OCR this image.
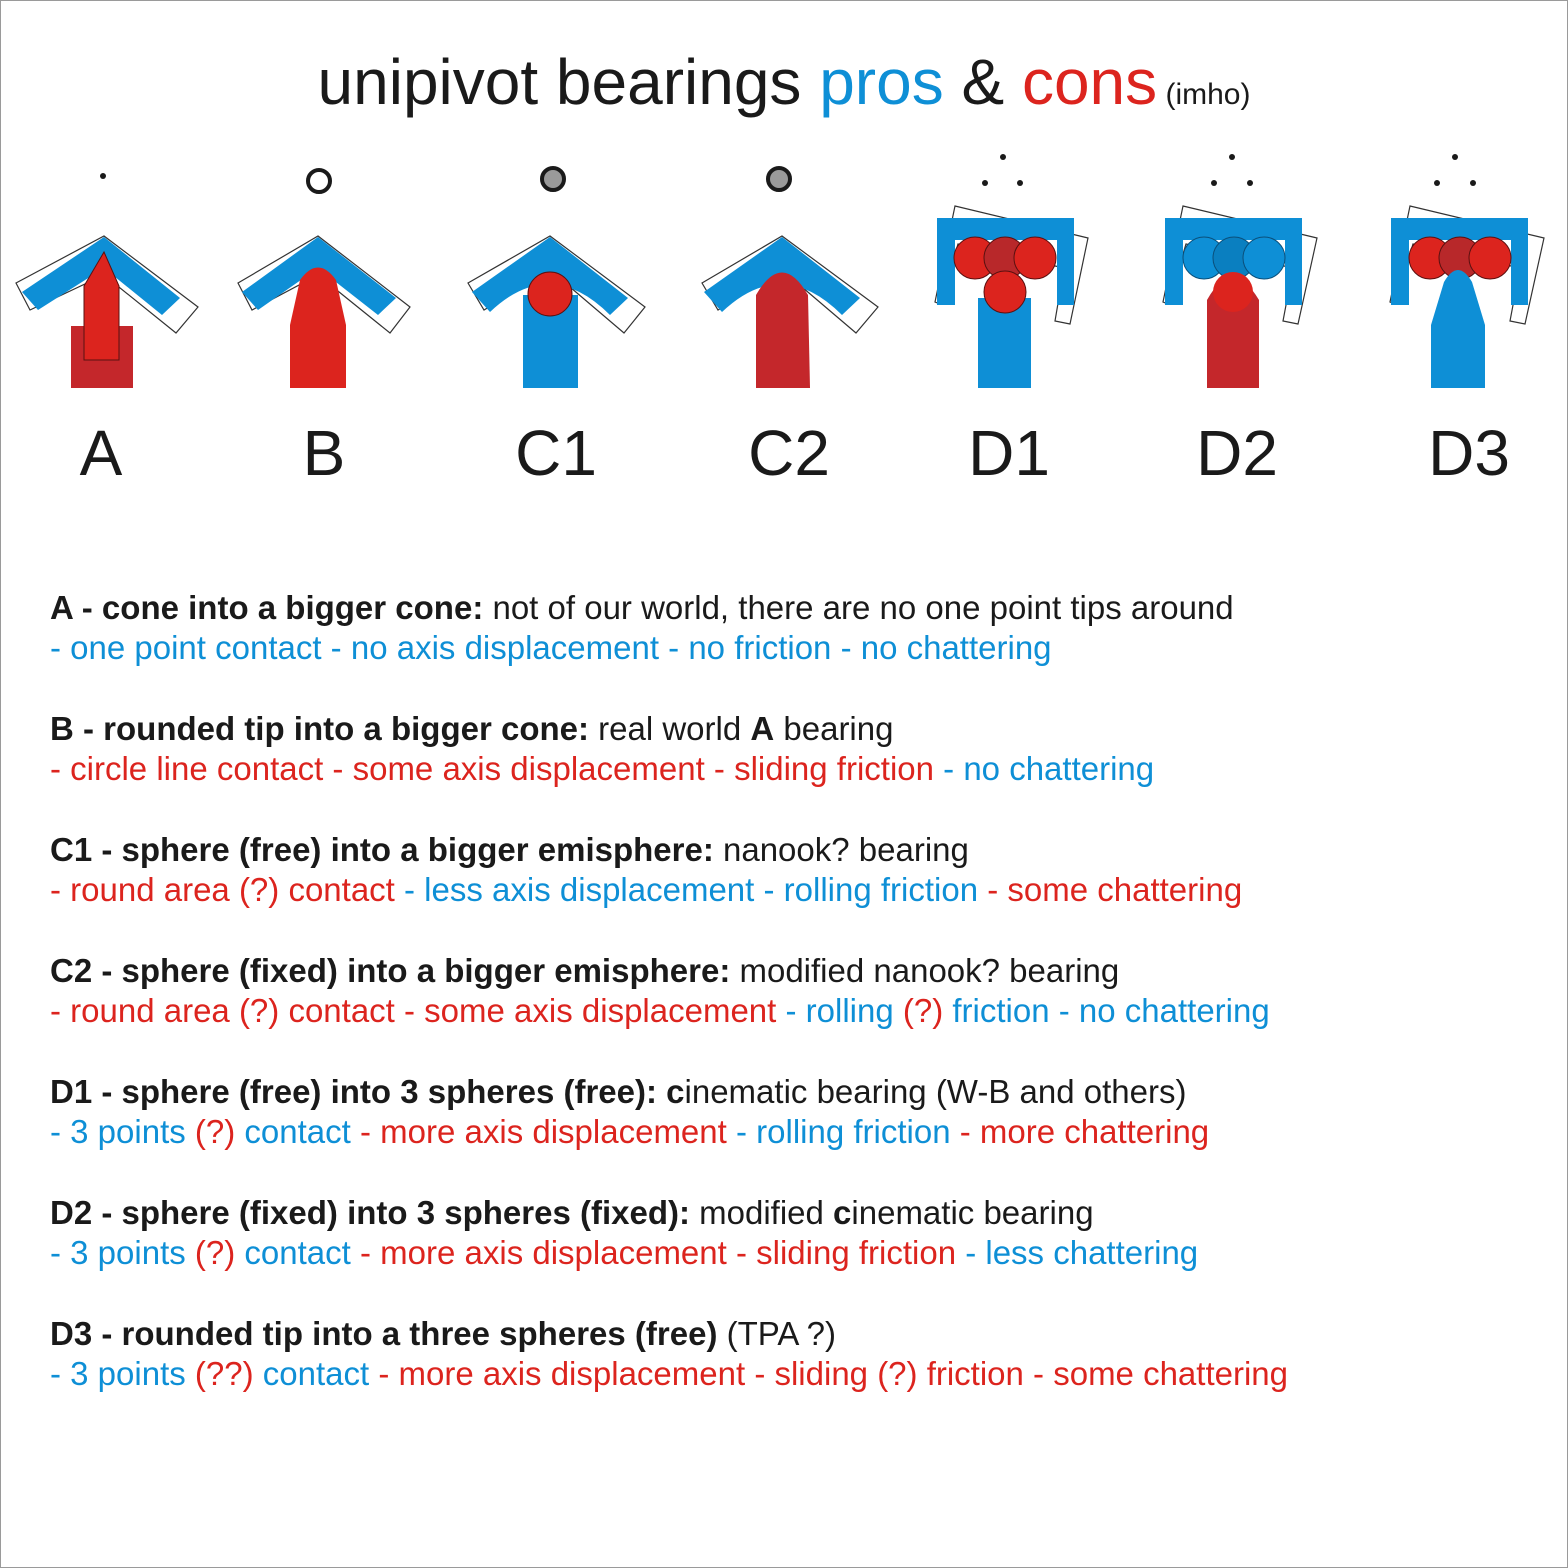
unipivot bearings pros & cons (imho)
A	B	C1 C2 D1 D2 D3
A - cone into a bigger cone: not of our world, there are no one point tips around
- one point contact - no axis displacement - no friction - no chattering
B - rounded tip into a bigger cone: real world A bearing
- circle line contact - some axis displacement - sliding friction - no chattering
C1 - sphere (free) into a bigger emisphere: nanook? bearing
- round area (?) contact - less axis displacement - rolling friction - some chattering
C2 - sphere (fixed) into a bigger emisphere: modified nanook? bearing
- round area (?) contact - some axis displacement - rolling (?) friction - no chattering
D1 - sphere (free) into 3 spheres (free): cinematic bearing (W-B and others)
- 3 points (?) contact - more axis displacement - rolling friction - more chattering
D2 - sphere (fixed) into 3 spheres (fixed): modified cinematic bearing
- 3 points (?) contact - more axis displacement - sliding friction - less chattering
D3 - rounded tip into a three spheres (free) (TPA ?)
- 3 points (??) contact - more axis displacement - sliding (?) friction - some chattering
